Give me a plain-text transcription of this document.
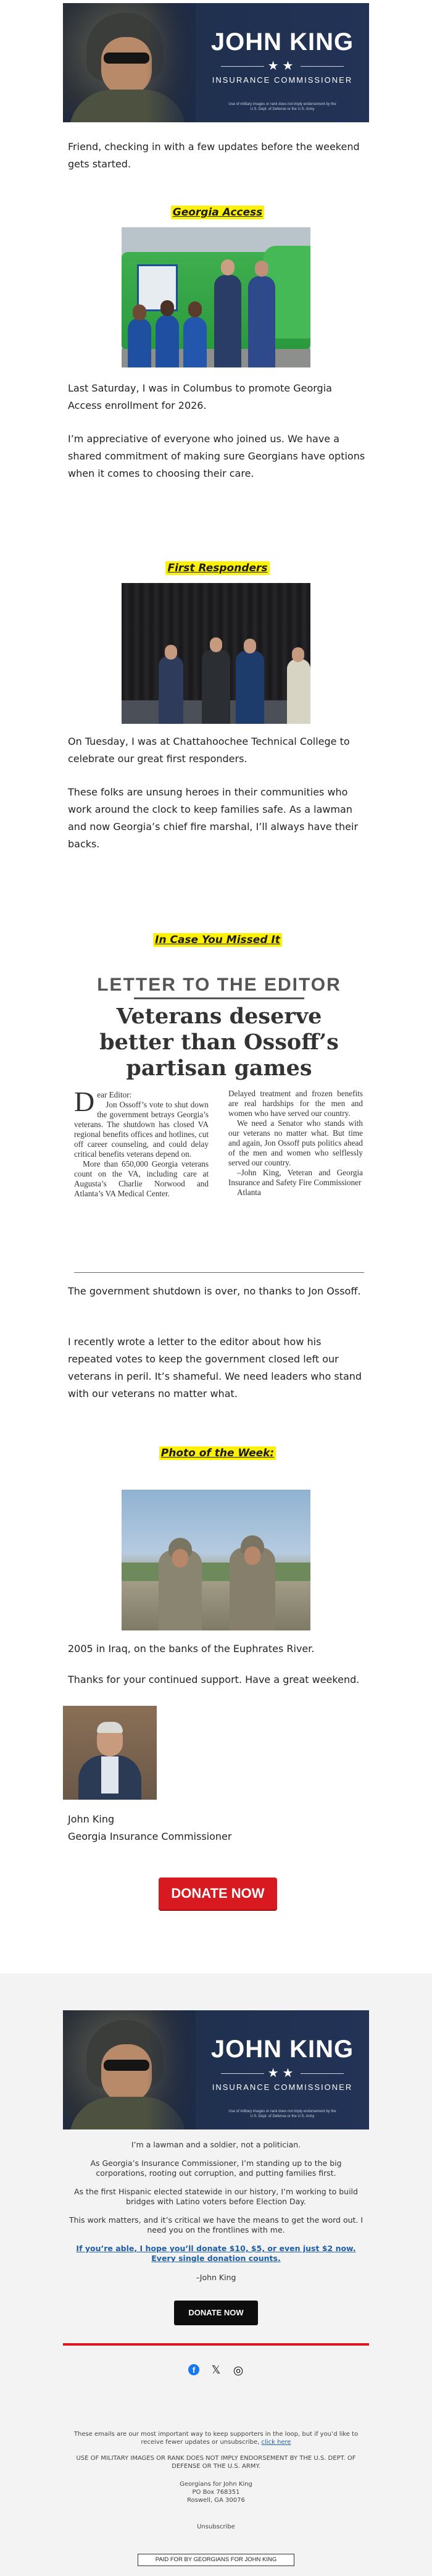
JOHN KING
★★
INSURANCE COMMISSIONER
Use of military images or rank does not imply endorsement by the
U.S. Dept. of Defense or the U.S. Army

Friend, checking in with a few updates before the weekend gets started.

Georgia Access

Last Saturday, I was in Columbus to promote Georgia Access enrollment for 2026.

I’m appreciative of everyone who joined us. We have a shared commitment of making sure Georgians have options when it comes to choosing their care.

First Responders

On Tuesday, I was at Chattahoochee Technical College to celebrate our great first responders.

These folks are unsung heroes in their communities who work around the clock to keep families safe. As a lawman and now Georgia’s chief fire marshal, I’ll always have their backs.

In Case You Missed It

LETTER TO THE EDITOR
Veterans deserve better than Ossoff’s partisan games

Dear Editor:

Jon Ossoff’s vote to shut down the government betrays Georgia’s veterans. The shutdown has closed VA regional benefits offices and hotlines, cut off career counseling, and could delay critical benefits veterans depend on.

More than 650,000 Georgia veterans count on the VA, including care at Augusta’s Charlie Norwood and Atlanta’s VA Medical Center.

Delayed treatment and frozen benefits are real hardships for the men and women who have served our country.

We need a Senator who stands with our veterans no matter what. But time and again, Jon Ossoff puts politics ahead of the men and women who selflessly served our country.

–John King, Veteran and Georgia Insurance and Safety Fire Commissioner

Atlanta

The government shutdown is over, no thanks to Jon Ossoff.

I recently wrote a letter to the editor about how his repeated votes to keep the government closed left our veterans in peril. It’s shameful. We need leaders who stand with our veterans no matter what.

Photo of the Week:

2005 in Iraq, on the banks of the Euphrates River.

Thanks for your continued support. Have a great weekend.

John King

Georgia Insurance Commissioner

DONATE NOW
JOHN KING
★★
INSURANCE COMMISSIONER
Use of military images or rank does not imply endorsement by the
U.S. Dept. of Defense or the U.S. Army

I’m a lawman and a soldier, not a politician.

As Georgia’s Insurance Commissioner, I’m standing up to the big corporations, rooting out corruption, and putting families first.

As the first Hispanic elected statewide in our history, I’m working to build bridges with Latino voters before Election Day.

This work matters, and it’s critical we have the means to get the word out. I need you on the frontlines with me.

If you’re able, I hope you’ll donate $10, $5, or even just $2 now. Every single donation counts.

–John King

DONATE NOW
f 𝕏 ◎

These emails are our most important way to keep supporters in the loop, but if you’d like to receive fewer updates or unsubscribe, click here

USE OF MILITARY IMAGES OR RANK DOES NOT IMPLY ENDORSEMENT BY THE U.S. DEPT. OF DEFENSE OR THE U.S. ARMY.

Georgians for John King

PO Box 768351

Roswell, GA 30076

Unsubscribe

PAID FOR BY GEORGIANS FOR JOHN KING
